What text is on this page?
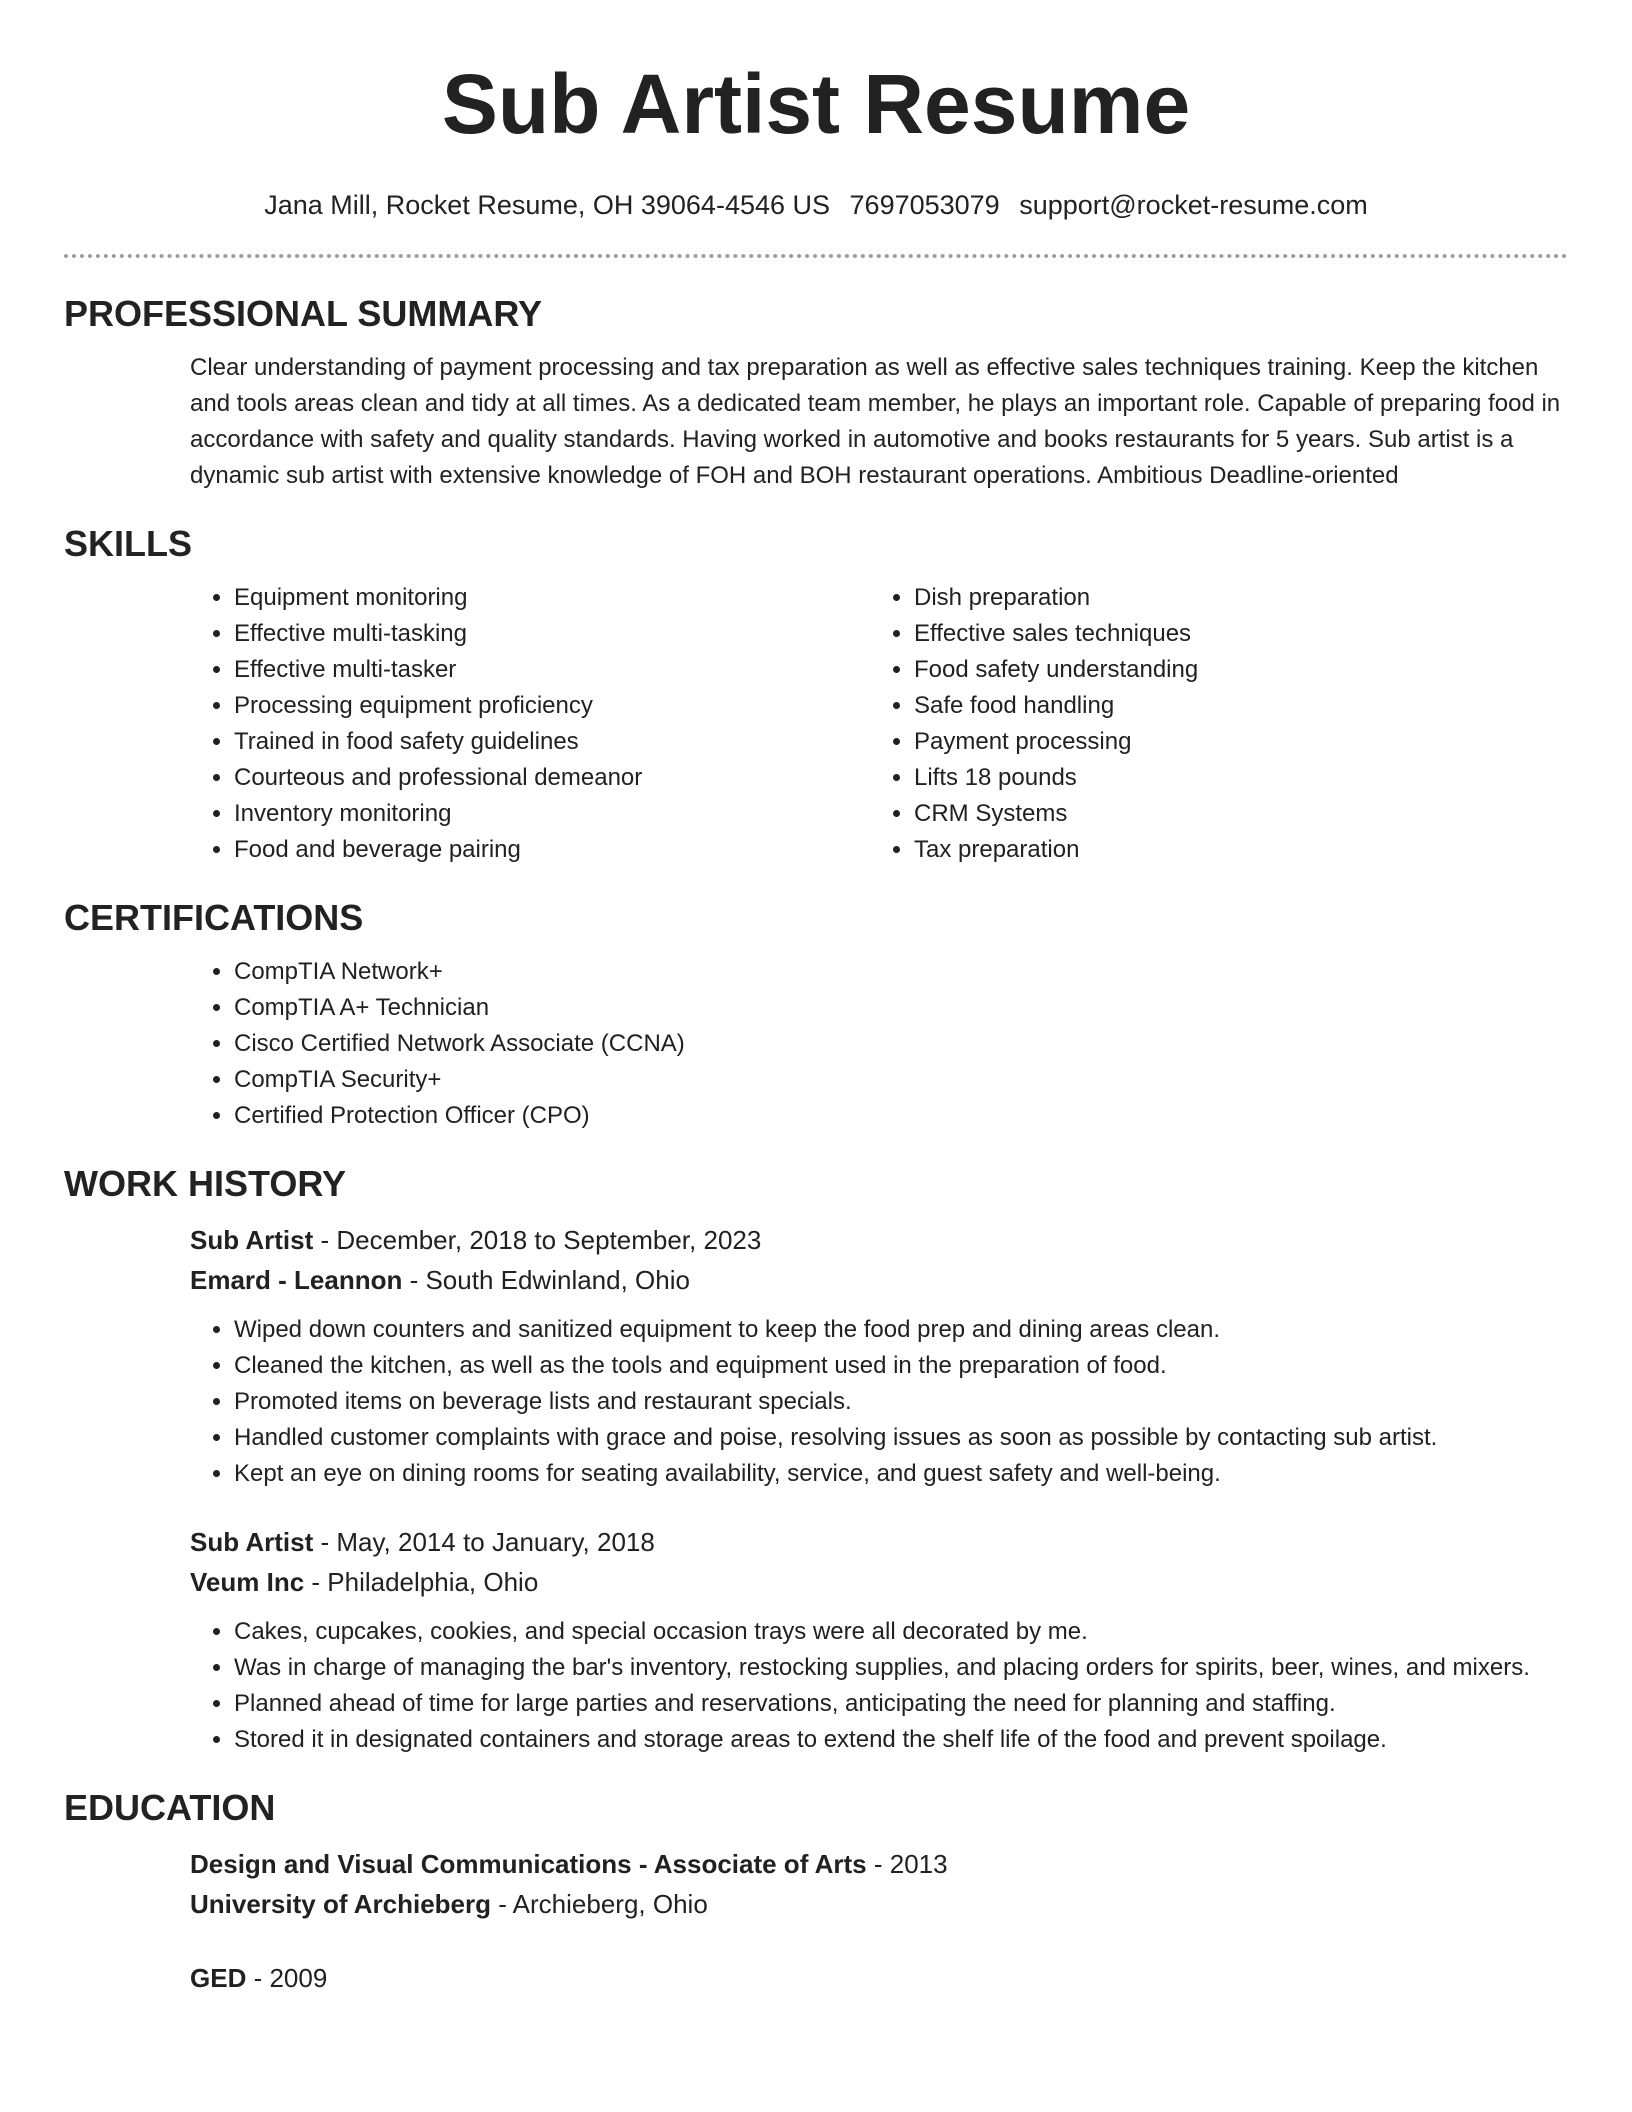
Sub Artist Resume
Jana Mill, Rocket Resume, OH 39064-4546 US 7697053079 support@rocket-resume.com
PROFESSIONAL SUMMARY
Clear understanding of payment processing and tax preparation as well as effective sales techniques training. Keep the kitchen and tools areas clean and tidy at all times. As a dedicated team member, he plays an important role. Capable of preparing food in accordance with safety and quality standards. Having worked in automotive and books restaurants for 5 years. Sub artist is a dynamic sub artist with extensive knowledge of FOH and BOH restaurant operations. Ambitious Deadline-oriented
SKILLS
• Equipment monitoring
• Effective multi-tasking
• Effective multi-tasker
• Processing equipment proficiency
• Trained in food safety guidelines
• Courteous and professional demeanor
• Inventory monitoring
• Food and beverage pairing
• Dish preparation
• Effective sales techniques
• Food safety understanding
• Safe food handling
• Payment processing
• Lifts 18 pounds
• CRM Systems
• Tax preparation
CERTIFICATIONS
• CompTIA Network+
• CompTIA A+ Technician
• Cisco Certified Network Associate (CCNA)
• CompTIA Security+
• Certified Protection Officer (CPO)
WORK HISTORY
Sub Artist - December, 2018 to September, 2023
Emard - Leannon - South Edwinland, Ohio
• Wiped down counters and sanitized equipment to keep the food prep and dining areas clean.
• Cleaned the kitchen, as well as the tools and equipment used in the preparation of food.
• Promoted items on beverage lists and restaurant specials.
• Handled customer complaints with grace and poise, resolving issues as soon as possible by contacting sub artist.
• Kept an eye on dining rooms for seating availability, service, and guest safety and well-being.
Sub Artist - May, 2014 to January, 2018
Veum Inc - Philadelphia, Ohio
• Cakes, cupcakes, cookies, and special occasion trays were all decorated by me.
• Was in charge of managing the bar's inventory, restocking supplies, and placing orders for spirits, beer, wines, and mixers.
• Planned ahead of time for large parties and reservations, anticipating the need for planning and staffing.
• Stored it in designated containers and storage areas to extend the shelf life of the food and prevent spoilage.
EDUCATION
Design and Visual Communications - Associate of Arts - 2013
University of Archieberg - Archieberg, Ohio
GED - 2009
